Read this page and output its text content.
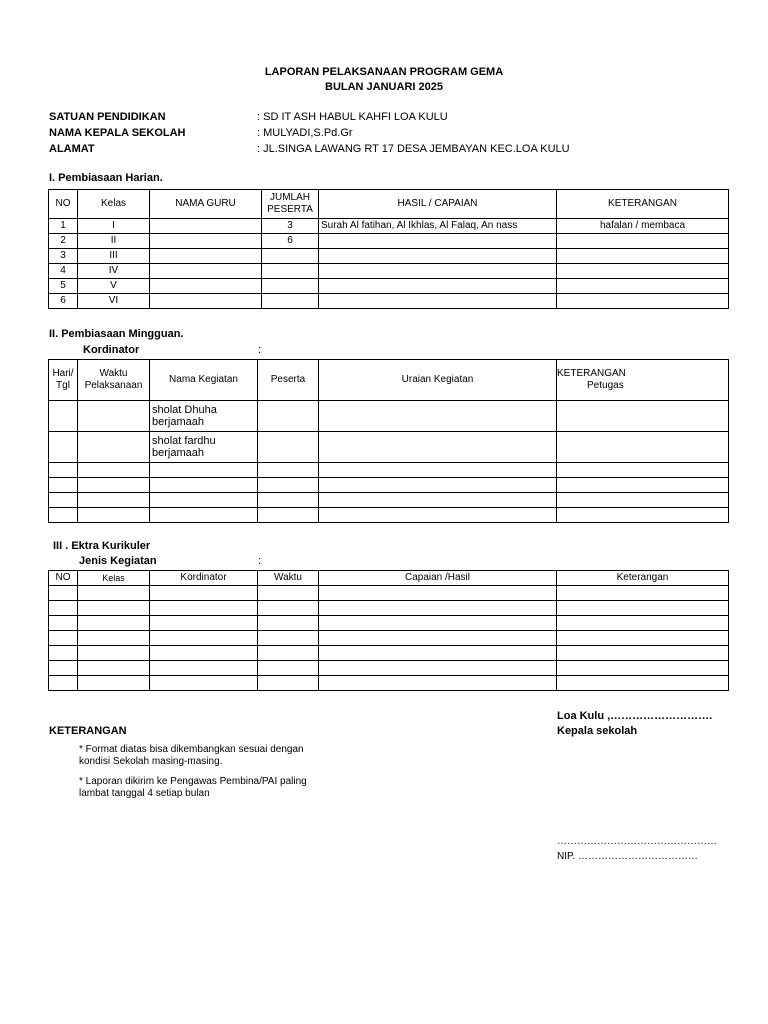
LAPORAN PELAKSANAAN PROGRAM GEMA
BULAN JANUARI 2025
SATUAN PENDIDIKAN	: SD IT ASH HABUL KAHFI LOA KULU
NAMA KEPALA SEKOLAH	: MULYADI,S.Pd.Gr
ALAMAT	: JL.SINGA LAWANG RT 17 DESA JEMBAYAN KEC.LOA KULU
I. Pembiasaan Harian.
NO	Kelas	NAMA GURU	JUMLAH PESERTA	HASIL / CAPAIAN	KETERANGAN
1	I		3	Surah Al fatihan, Al Ikhlas, Al Falaq, An nass	hafalan / membaca
2	II		6		
3	III				
4	IV				
5	V				
6	VI				
II. Pembiasaan Mingguan.
Kordinator	:
Hari/ Tgl	Waktu Pelaksanaan	Nama Kegiatan	Peserta	Uraian Kegiatan	KETERANGAN
Petugas

		sholat Dhuha berjamaah			
		sholat fardhu berjamaah			

III . Ektra Kurikuler
Jenis Kegiatan	:
NO	Kelas	Kordinator	Waktu	Capaian /Hasil	Keterangan

KETERANGAN
* Format diatas bisa dikembangkan sesuai dengan kondisi Sekolah masing-masing.
* Laporan dikirim ke Pengawas Pembina/PAI paling lambat tanggal 4 setiap bulan
Loa Kulu ,……………………….
Kepala sekolah
…………………………………………
NIP. ………………………………
